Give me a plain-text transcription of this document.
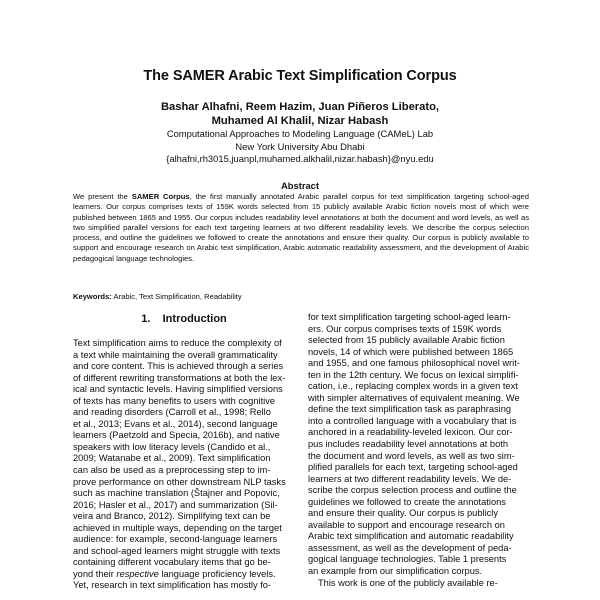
The SAMER Arabic Text Simplification Corpus
Bashar Alhafni, Reem Hazim, Juan Piñeros Liberato,
Muhamed Al Khalil, Nizar Habash
Computational Approaches to Modeling Language (CAMeL) Lab
New York University Abu Dhabi
{alhafni,rh3015,juanpl,muhamed.alkhalil,nizar.habash}@nyu.edu
Abstract
We present the SAMER Corpus, the first manually annotated Arabic parallel corpus for text simplification targeting school-aged learners. Our corpus comprises texts of 159K words selected from 15 publicly available Arabic fiction novels most of which were published between 1865 and 1955. Our corpus includes readability level annotations at both the document and word levels, as well as two simplified parallel versions for each text targeting learners at two different readability levels. We describe the corpus selection process, and outline the guidelines we followed to create the annotations and ensure their quality. Our corpus is publicly available to support and encourage research on Arabic text simplification, Arabic automatic readability assessment, and the development of Arabic pedagogical language technologies.
Keywords: Arabic, Text Simplification, Readability
1. Introduction
Text simplification aims to reduce the complexity of
a text while maintaining the overall grammaticality
and core content. This is achieved through a series
of different rewriting transformations at both the lex-
ical and syntactic levels. Having simplified versions
of texts has many benefits to users with cognitive
and reading disorders (Carroll et al., 1998; Rello
et al., 2013; Evans et al., 2014), second language
learners (Paetzold and Specia, 2016b), and native
speakers with low literacy levels (Candido et al.,
2009; Watanabe et al., 2009). Text simplification
can also be used as a preprocessing step to im-
prove performance on other downstream NLP tasks
such as machine translation (Štajner and Popovic,
2016; Hasler et al., 2017) and summarization (Sil-
veira and Branco, 2012). Simplifying text can be
achieved in multiple ways, depending on the target
audience: for example, second-language learners
and school-aged learners might struggle with texts
containing different vocabulary items that go be-
yond their respective language proficiency levels.
Yet, research in text simplification has mostly fo-
for text simplification targeting school-aged learn-
ers. Our corpus comprises texts of 159K words
selected from 15 publicly available Arabic fiction
novels, 14 of which were published between 1865
and 1955, and one famous philosophical novel writ-
ten in the 12th century. We focus on lexical simplifi-
cation, i.e., replacing complex words in a given text
with simpler alternatives of equivalent meaning. We
define the text simplification task as paraphrasing
into a controlled language with a vocabulary that is
anchored in a readability-leveled lexicon. Our cor-
pus includes readability level annotations at both
the document and word levels, as well as two sim-
plified parallels for each text, targeting school-aged
learners at two different readability levels. We de-
scribe the corpus selection process and outline the
guidelines we followed to create the annotations
and ensure their quality. Our corpus is publicly
available to support and encourage research on
Arabic text simplification and automatic readability
assessment, as well as the development of peda-
gogical language technologies. Table 1 presents
an example from our simplification corpus.
This work is one of the publicly available re-
